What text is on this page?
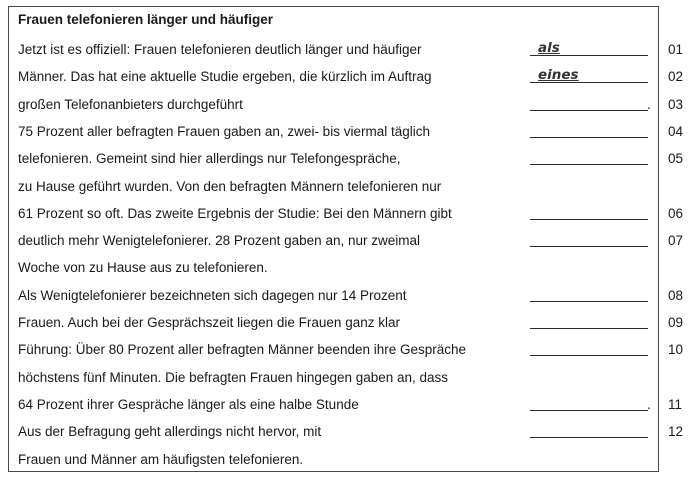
Frauen telefonieren länger und häufiger
Jetzt ist es offiziell: Frauen telefonieren deutlich länger und häufiger	als	01
Männer. Das hat eine aktuelle Studie ergeben, die kürzlich im Auftrag	eines	02
großen Telefonanbieters durchgeführt	. 03
75 Prozent aller befragten Frauen gaben an, zwei- bis viermal täglich	04
telefonieren. Gemeint sind hier allerdings nur Telefongespräche,	05
zu Hause geführt wurden. Von den befragten Männern telefonieren nur
61 Prozent so oft. Das zweite Ergebnis der Studie: Bei den Männern gibt	06
deutlich mehr Wenigtelefonierer. 28 Prozent gaben an, nur zweimal	07
Woche von zu Hause aus zu telefonieren.
Als Wenigtelefonierer bezeichneten sich dagegen nur 14 Prozent	08
Frauen. Auch bei der Gesprächszeit liegen die Frauen ganz klar	09
Führung: Über 80 Prozent aller befragten Männer beenden ihre Gespräche	10
höchstens fünf Minuten. Die befragten Frauen hingegen gaben an, dass
64 Prozent ihrer Gespräche länger als eine halbe Stunde	. 11
Aus der Befragung geht allerdings nicht hervor, mit	12
Frauen und Männer am häufigsten telefonieren.
